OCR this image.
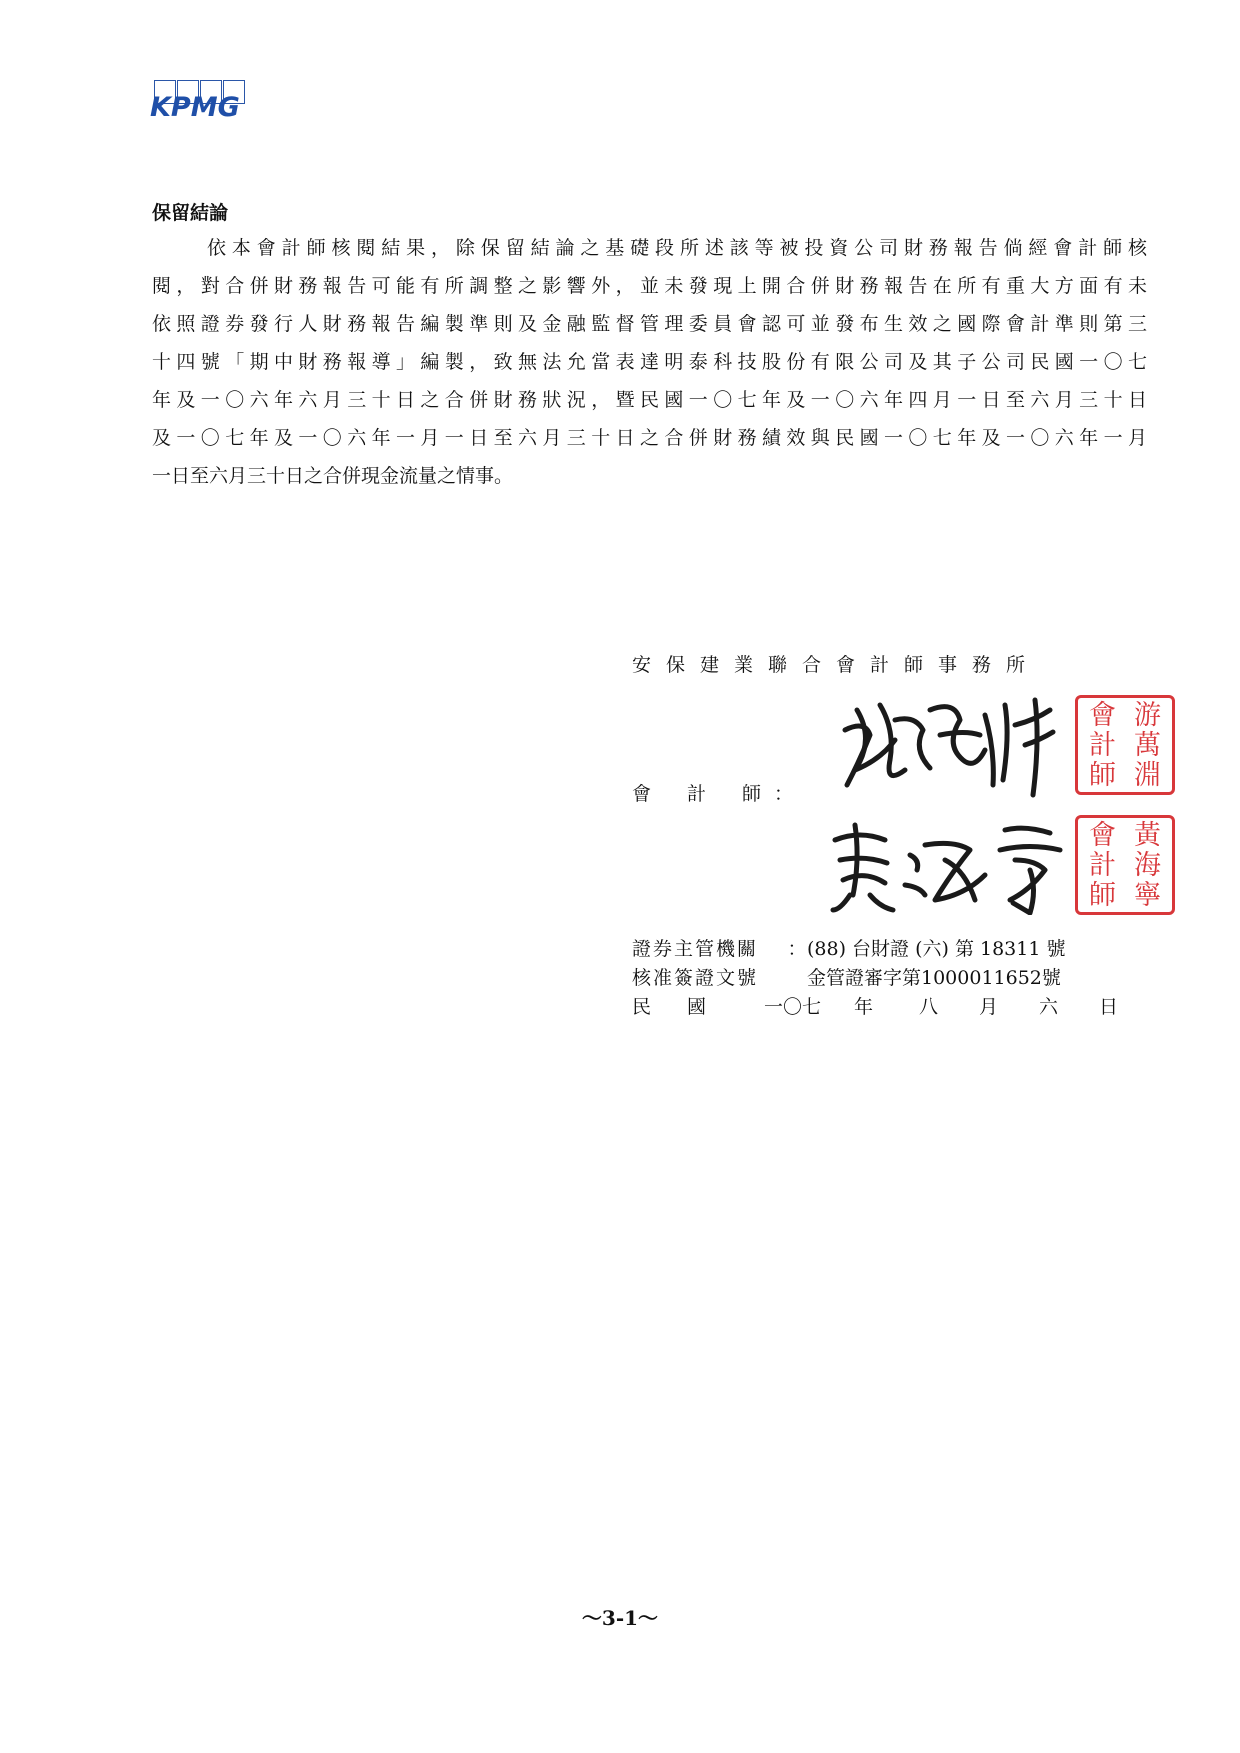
KPMG
保留結論
依本會計師核閱結果，除保留結論之基礎段所述該等被投資公司財務報告倘經會計師核
閱，對合併財務報告可能有所調整之影響外，並未發現上開合併財務報告在所有重大方面有未
依照證券發行人財務報告編製準則及金融監督管理委員會認可並發布生效之國際會計準則第三
十四號「期中財務報導」編製，致無法允當表達明泰科技股份有限公司及其子公司民國一〇七
年及一〇六年六月三十日之合併財務狀況，暨民國一〇七年及一〇六年四月一日至六月三十日
及一〇七年及一〇六年一月一日至六月三十日之合併財務績效與民國一〇七年及一〇六年一月
一日至六月三十日之合併現金流量之情事。
安保建業聯合會計師事務所
會 計 師 ：
會 游
計 萬
師 淵
會 黃
計 海
師 寧
證券主管機關	： (88) 台財證 (六) 第 18311 號
核准簽證文號	金管證審字第1000011652號
民 國	一〇七 年 八 月 六 日
～3-1～
